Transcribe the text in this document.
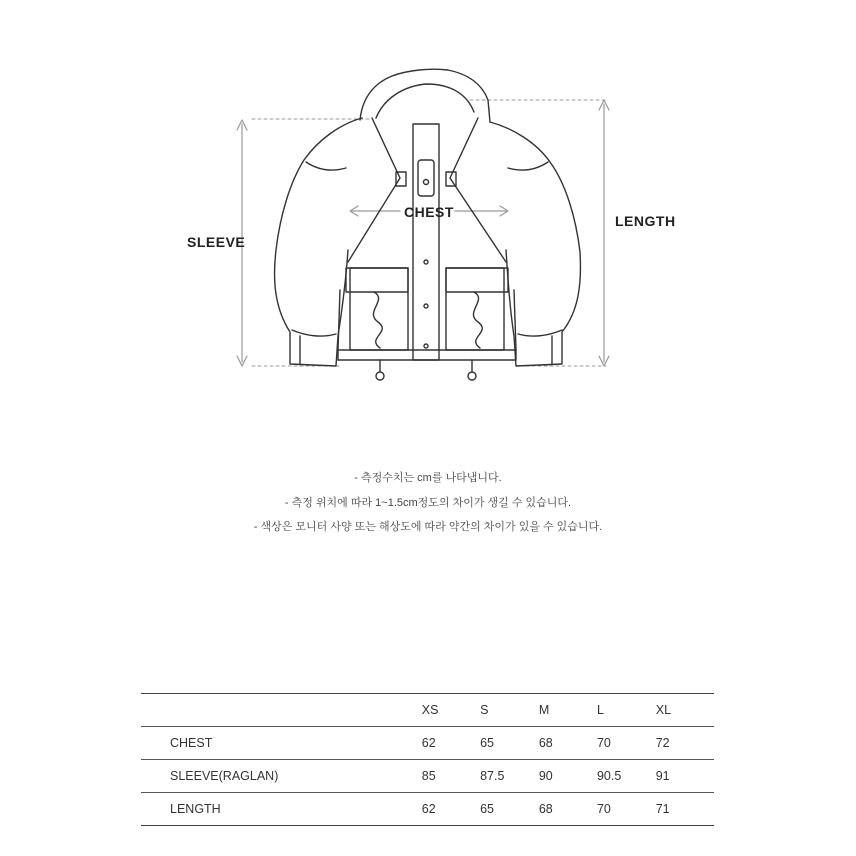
SLEEVE
CHEST
LENGTH
- 측정수치는 cm를 나타냅니다.
- 측정 위치에 따라 1~1.5cm정도의 차이가 생길 수 있습니다.
- 색상은 모니터 사양 또는 해상도에 따라 약간의 차이가 있을 수 있습니다.
	XS	S	M	L	XL
CHEST	62	65	68	70	72
SLEEVE(RAGLAN)	85	87.5	90	90.5	91
LENGTH	62	65	68	70	71
